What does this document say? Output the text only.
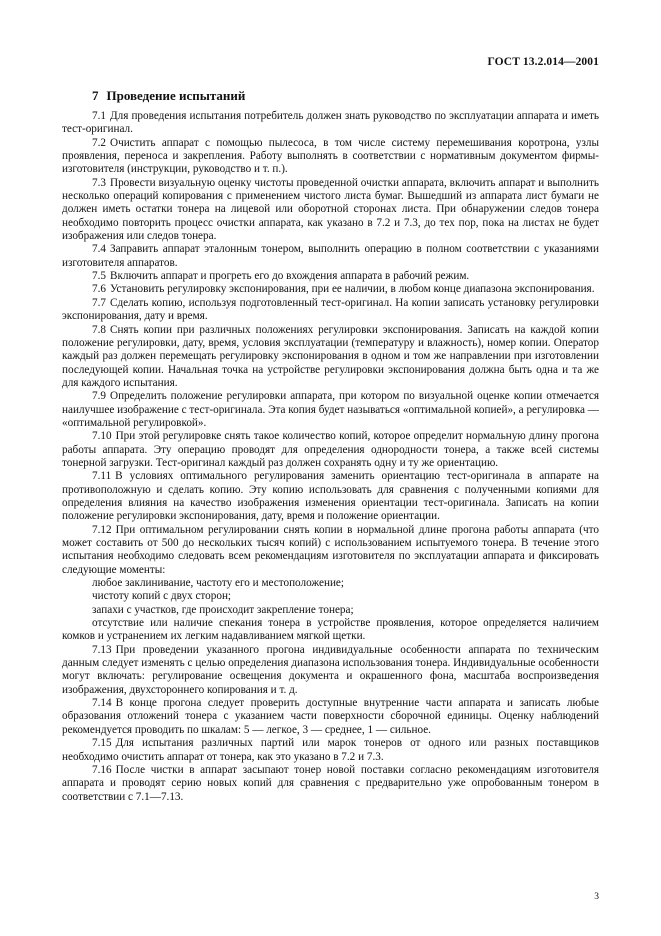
ГОСТ 13.2.014—2001
7 Проведение испытаний

7.1 Для проведения испытания потребитель должен знать руководство по эксплуатации аппарата и иметь тест-оригинал.

7.2 Очистить аппарат с помощью пылесоса, в том числе систему перемешивания коротрона, узлы проявления, переноса и закрепления. Работу выполнять в соответствии с нормативным документом фирмы-изготовителя (инструкции, руководство и т. п.).

7.3 Провести визуальную оценку чистоты проведенной очистки аппарата, включить аппарат и выполнить несколько операций копирования с применением чистого листа бумаг. Вышедший из аппарата лист бумаги не должен иметь остатки тонера на лицевой или оборотной сторонах листа. При обнаружении следов тонера необходимо повторить процесс очистки аппарата, как указано в 7.2 и 7.3, до тех пор, пока на листах не будет изображения или следов тонера.

7.4 Заправить аппарат эталонным тонером, выполнить операцию в полном соответствии с указаниями изготовителя аппаратов.

7.5 Включить аппарат и прогреть его до вхождения аппарата в рабочий режим.

7.6 Установить регулировку экспонирования, при ее наличии, в любом конце диапазона экспонирования.

7.7 Сделать копию, используя подготовленный тест-оригинал. На копии записать установку регулировки экспонирования, дату и время.

7.8 Снять копии при различных положениях регулировки экспонирования. Записать на каждой копии положение регулировки, дату, время, условия эксплуатации (температуру и влажность), номер копии. Оператор каждый раз должен перемещать регулировку экспонирования в одном и том же направлении при изготовлении последующей копии. Начальная точка на устройстве регулировки экспонирования должна быть одна и та же для каждого испытания.

7.9 Определить положение регулировки аппарата, при котором по визуальной оценке копии отмечается наилучшее изображение с тест-оригинала. Эта копия будет называться «оптимальной копией», а регулировка — «оптимальной регулировкой».

7.10 При этой регулировке снять такое количество копий, которое определит нормальную длину прогона работы аппарата. Эту операцию проводят для определения однородности тонера, а также всей системы тонерной загрузки. Тест-оригинал каждый раз должен сохранять одну и ту же ориентацию.

7.11 В условиях оптимального регулирования заменить ориентацию тест-оригинала в аппарате на противоположную и сделать копию. Эту копию использовать для сравнения с полученными копиями для определения влияния на качество изображения изменения ориентации тест-оригинала. Записать на копии положение регулировки экспонирования, дату, время и положение ориентации.

7.12 При оптимальном регулировании снять копии в нормальной длине прогона работы аппарата (что может составить от 500 до нескольких тысяч копий) с использованием испытуемого тонера. В течение этого испытания необходимо следовать всем рекомендациям изготовителя по эксплуатации аппарата и фиксировать следующие моменты:

любое заклинивание, частоту его и местоположение;

чистоту копий с двух сторон;

запахи с участков, где происходит закрепление тонера;

отсутствие или наличие спекания тонера в устройстве проявления, которое определяется наличием комков и устранением их легким надавливанием мягкой щетки.

7.13 При проведении указанного прогона индивидуальные особенности аппарата по техническим данным следует изменять с целью определения диапазона использования тонера. Индивидуальные особенности могут включать: регулирование освещения документа и окрашенного фона, масштаба воспроизведения изображения, двухстороннего копирования и т. д.

7.14 В конце прогона следует проверить доступные внутренние части аппарата и записать любые образования отложений тонера с указанием части поверхности сборочной единицы. Оценку наблюдений рекомендуется проводить по шкалам: 5 — легкое, 3 — среднее, 1 — сильное.

7.15 Для испытания различных партий или марок тонеров от одного или разных поставщиков необходимо очистить аппарат от тонера, как это указано в 7.2 и 7.3.

7.16 После чистки в аппарат засыпают тонер новой поставки согласно рекомендациям изготовителя аппарата и проводят серию новых копий для сравнения с предварительно уже опробованным тонером в соответствии с 7.1—7.13.

3
